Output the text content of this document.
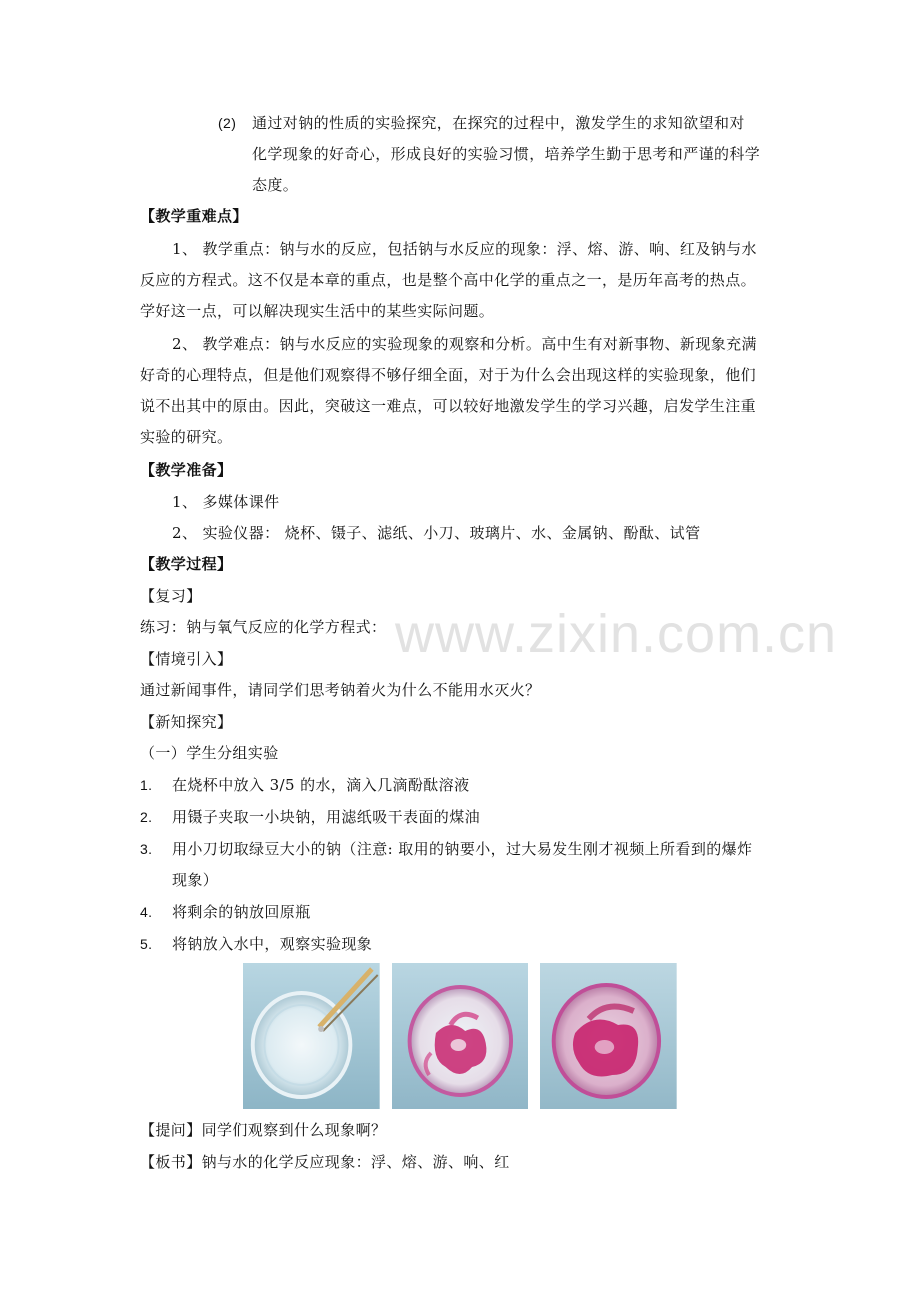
(2) 通过对钠的性质的实验探究，在探究的过程中，激发学生的求知欲望和对
化学现象的好奇心，形成良好的实验习惯，培养学生勤于思考和严谨的科学
态度。
【教学重难点】
1、 教学重点：钠与水的反应，包括钠与水反应的现象：浮、熔、游、响、红及钠与水
反应的方程式。这不仅是本章的重点，也是整个高中化学的重点之一，是历年高考的热点。
学好这一点，可以解决现实生活中的某些实际问题。
2、 教学难点：钠与水反应的实验现象的观察和分析。高中生有对新事物、新现象充满
好奇的心理特点，但是他们观察得不够仔细全面，对于为什么会出现这样的实验现象，他们
说不出其中的原由。因此，突破这一难点，可以较好地激发学生的学习兴趣，启发学生注重
实验的研究。
【教学准备】
1、 多媒体课件
2、 实验仪器： 烧杯、镊子、滤纸、小刀、玻璃片、水、金属钠、酚酞、试管
【教学过程】
【复习】
练习：钠与氧气反应的化学方程式： www.zixin.com.cn
【情境引入】
通过新闻事件，请同学们思考钠着火为什么不能用水灭火？
【新知探究】
（一）学生分组实验
1. 在烧杯中放入 3/5 的水，滴入几滴酚酞溶液
2. 用镊子夹取一小块钠，用滤纸吸干表面的煤油
3. 用小刀切取绿豆大小的钠（注意: 取用的钠要小，过大易发生刚才视频上所看到的爆炸
现象）
4. 将剩余的钠放回原瓶
5. 将钠放入水中，观察实验现象
【提问】同学们观察到什么现象啊？
【板书】钠与水的化学反应现象：浮、熔、游、响、红
